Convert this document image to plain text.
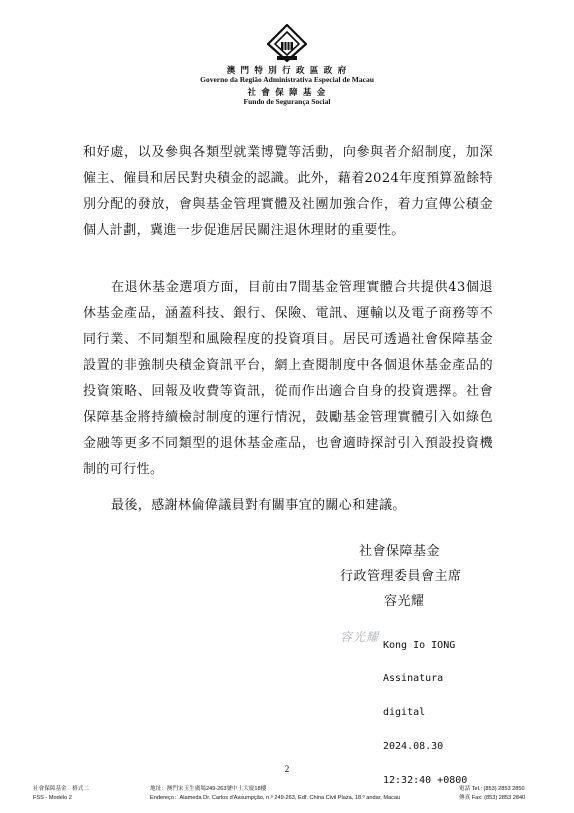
澳 門 特 別 行 政 區 政 府
Governo da Região Administrativa Especial de Macau
社 會 保 障 基 金
Fundo de Segurança Social

和好處，以及參與各類型就業博覽等活動，向參與者介紹制度，加深僱主、僱員和居民對央積金的認識。此外，藉着2024年度預算盈餘特別分配的發放，會與基金管理實體及社團加強合作，着力宣傳公積金個人計劃，冀進一步促進居民關注退休理財的重要性。

在退休基金選項方面，目前由7間基金管理實體合共提供43個退休基金產品，涵蓋科技、銀行、保險、電訊、運輸以及電子商務等不同行業、不同類型和風險程度的投資項目。居民可透過社會保障基金設置的非強制央積金資訊平台，網上查閱制度中各個退休基金產品的投資策略、回報及收費等資訊，從而作出適合自身的投資選擇。社會保障基金將持續檢討制度的運行情況，鼓勵基金管理實體引入如綠色金融等更多不同類型的退休基金產品，也會適時探討引入預設投資機制的可行性。

最後，感謝林倫偉議員對有關事宜的關心和建議。

社會保障基金
行政管理委員會主席
容光耀
容光耀

Kong Io IONG

Assinatura

digital

2024.08.30

12:32:40 +0800

2
社會保障基金　格式二
FSS - Modelo 2
地址：澳門宋玉生廣場249-263號中土大廈18樓
Endereço：Alameda Dr. Carlos d'Assumpção, n.º 249-263, Edf. China Civil Plaza, 18.º andar, Macau
電話 Tel.: (853) 2853 2850
傳真 Fax: (853) 2853 2840
